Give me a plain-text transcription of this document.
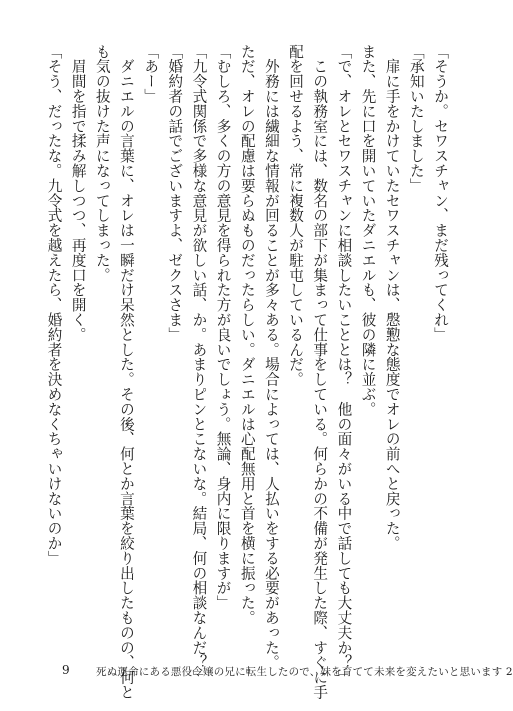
「そうか。セワスチャン、まだ残ってくれ」
「承知いたしました」
　扉に手をかけていたセワスチャンは、慇懃な態度でオレの前へと戻った。
また、先に口を開いていたダニエルも、彼の隣に並ぶ。
「で、オレとセワスチャンに相談したいこととは？　他の面々がいる中で話しても大丈夫か？」
　この執務室には、数名の部下が集まって仕事をしている。何らかの不備が発生した際、すぐに手
配を回せるよう、常に複数人が駐屯しているんだ。
　外務には繊細な情報が回ることが多々ある。場合によっては、人払いをする必要があった。
ただ、オレの配慮は要らぬものだったらしい。ダニエルは心配無用と首を横に振った。
「むしろ、多くの方の意見を得られた方が良いでしょう。無論、身内に限りますが」
「九令式関係で多様な意見が欲しい話、か。あまりピンとこないな。結局、何の相談なんだ？」
「婚約者の話でございますよ、ゼクスさま」
「あー」
　ダニエルの言葉に、オレは一瞬だけ呆然とした。その後、何とか言葉を絞り出したものの、何と
も気の抜けた声になってしまった。
　眉間を指で揉み解しつつ、再度口を開く。
「そう、だったな。九令式を越えたら、婚約者を決めなくちゃいけないのか」
9	死ぬ運命にある悪役令嬢の兄に転生したので、妹を育てて未来を変えたいと思います 2
